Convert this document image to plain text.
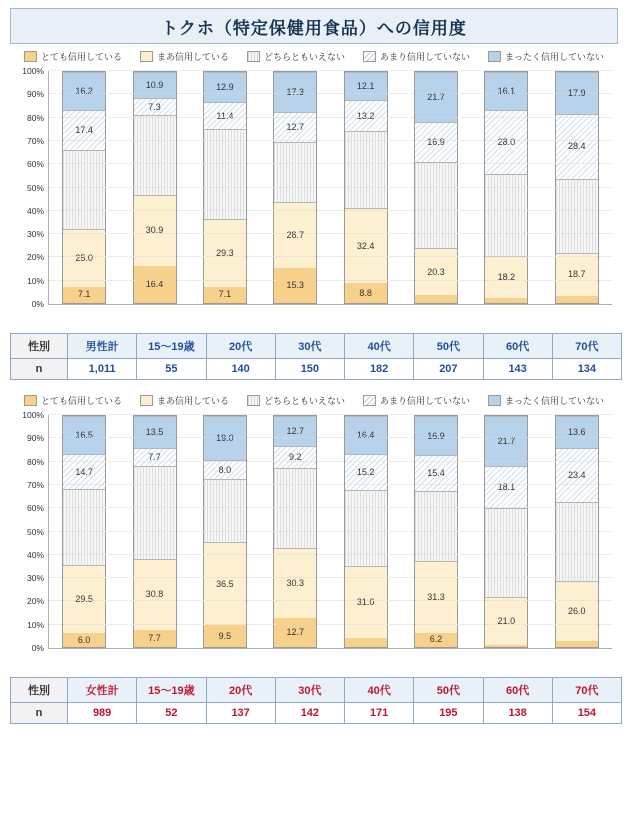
トクホ（特定保健用食品）への信用度
とても信用している	まあ信用している	どちらともいえない	あまり信用していない	まったく信用していない
7.1
25.0
17.4
16.2
16.4
30.9
7.3
10.9
7.1
29.3
11.4
12.9
15.3
28.7
12.7
17.3
8.8
32.4
13.2
12.1
20.3
16.9
21.7
18.2
28.0
16.1
18.7
28.4
17.9
0%
10%
20%
30%
40%
50%
60%
70%
80%
90%
100%
性別	男性計	15〜19歳	20代	30代	40代	50代	60代	70代
n	1,011	55	140	150	182	207	143	134
とても信用している	まあ信用している	どちらともいえない	あまり信用していない	まったく信用していない
6.0
29.5
14.7
16.5
7.7
30.8
7.7
13.5
9.5
36.5
8.0
19.0
12.7
30.3
9.2
12.7
31.0
15.2
16.4
6.2
31.3
15.4
16.9
21.0
18.1
21.7
26.0
23.4
13.6
0%
10%
20%
30%
40%
50%
60%
70%
80%
90%
100%
性別	女性計	15〜19歳	20代	30代	40代	50代	60代	70代
n	989	52	137	142	171	195	138	154
